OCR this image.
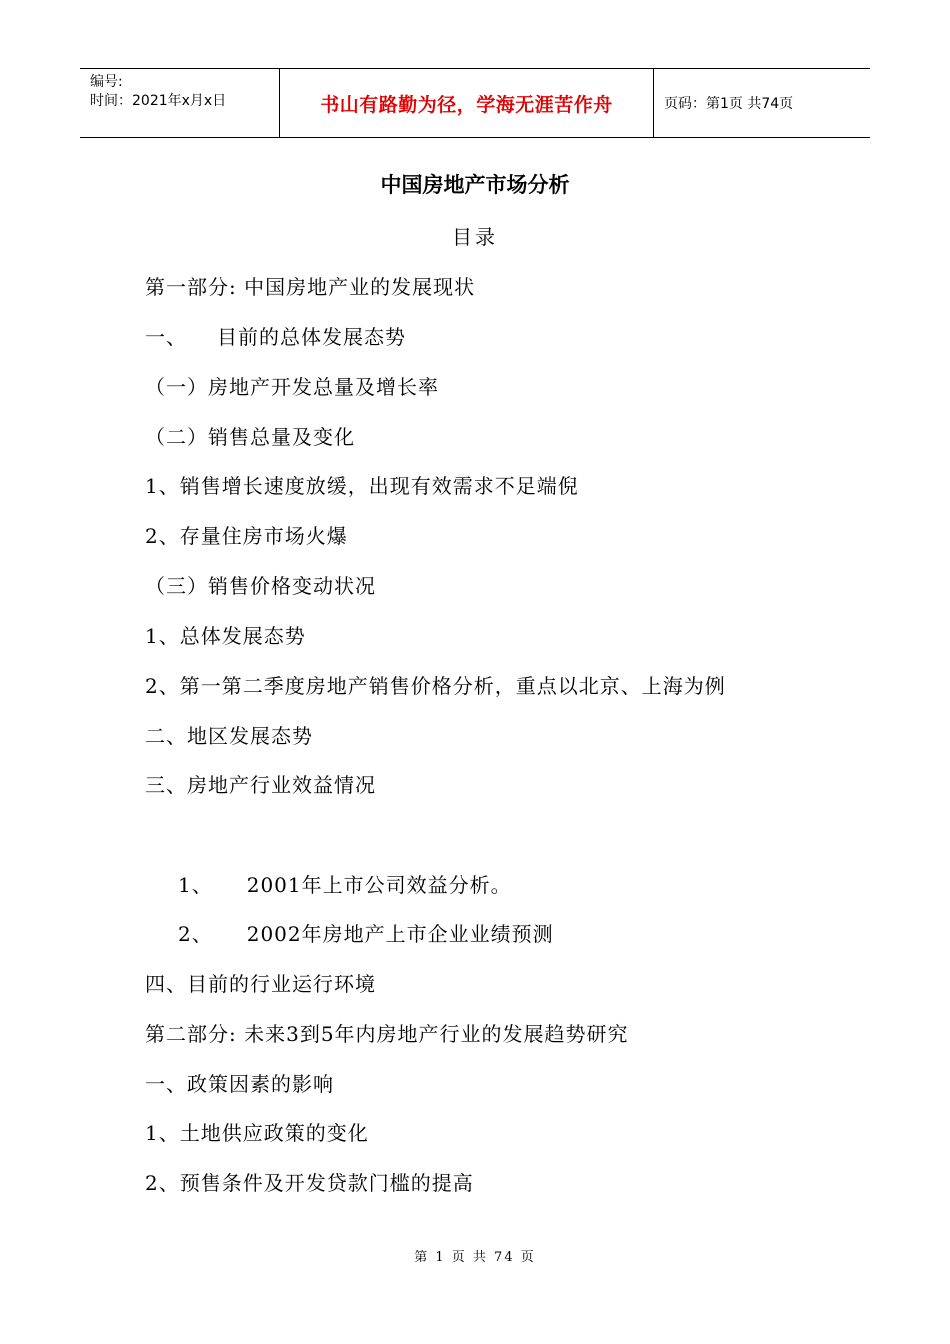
编号:
时间：2021年x月x日	书山有路勤为径，学海无涯苦作舟	页码：第1页 共74页
中国房地产市场分析
目录
第一部分: 中国房地产业的发展现状
一、 目前的总体发展态势
（一）房地产开发总量及增长率
（二）销售总量及变化
1、销售增长速度放缓，出现有效需求不足端倪
2、存量住房市场火爆
（三）销售价格变动状况
1、总体发展态势
2、第一第二季度房地产销售价格分析，重点以北京、上海为例
二、地区发展态势
三、房地产行业效益情况
1、 2001年上市公司效益分析。
2、 2002年房地产上市企业业绩预测
四、目前的行业运行环境
第二部分: 未来3到5年内房地产行业的发展趋势研究
一、政策因素的影响
1、土地供应政策的变化
2、预售条件及开发贷款门槛的提高
第 1 页 共 74 页
